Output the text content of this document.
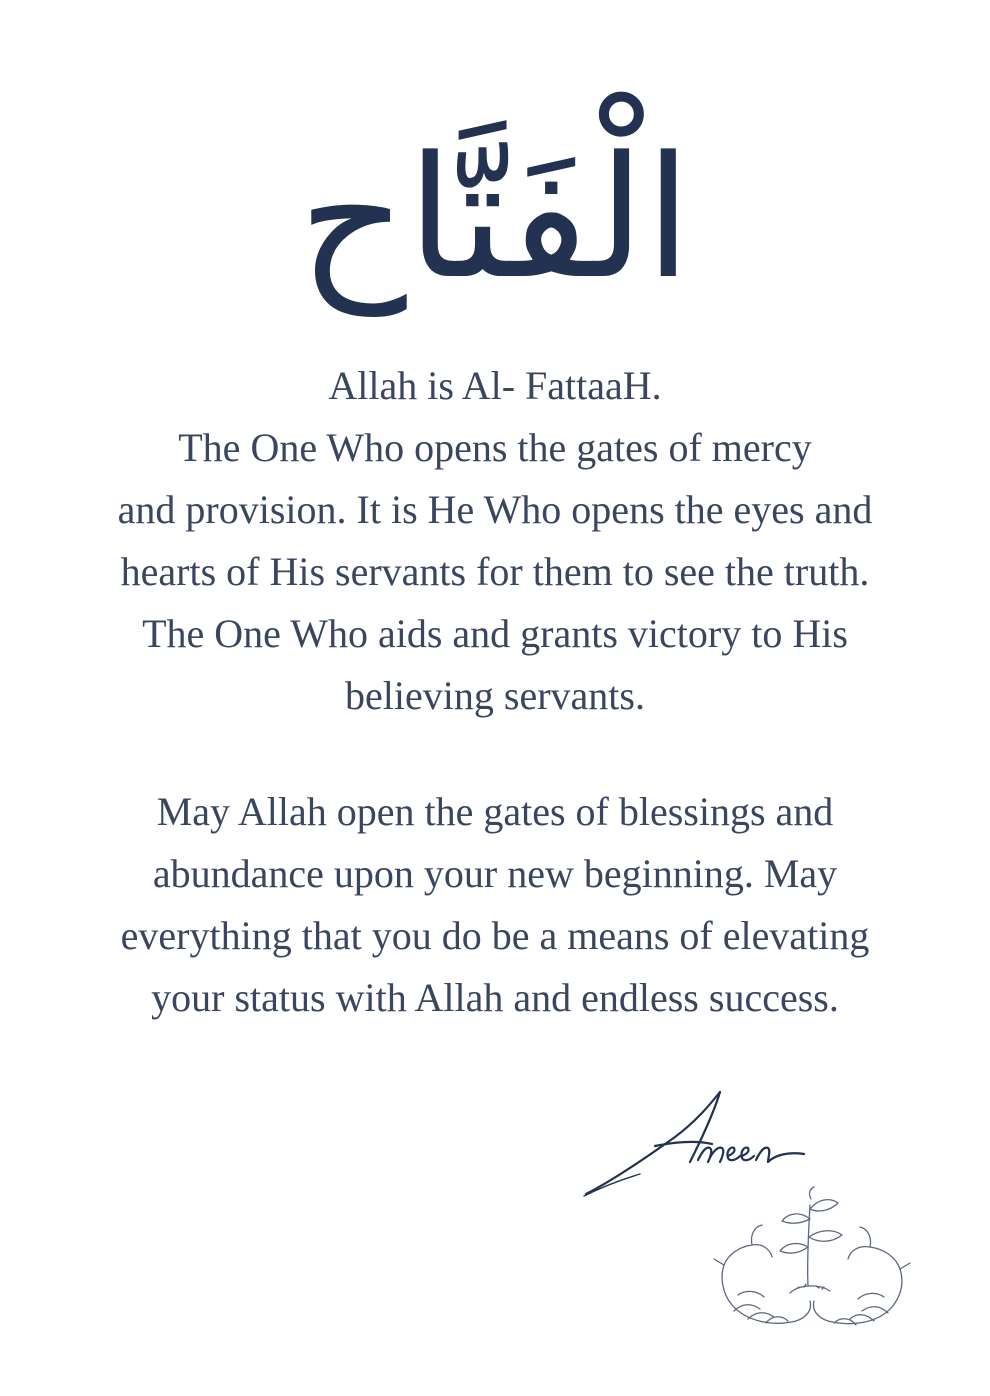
الْفَتَّاح
Allah is Al- FattaaH.
The One Who opens the gates of mercy
and provision. It is He Who opens the eyes and
hearts of His servants for them to see the truth.
The One Who aids and grants victory to His
believing servants.
May Allah open the gates of blessings and
abundance upon your new beginning. May
everything that you do be a means of elevating
your status with Allah and endless success.
